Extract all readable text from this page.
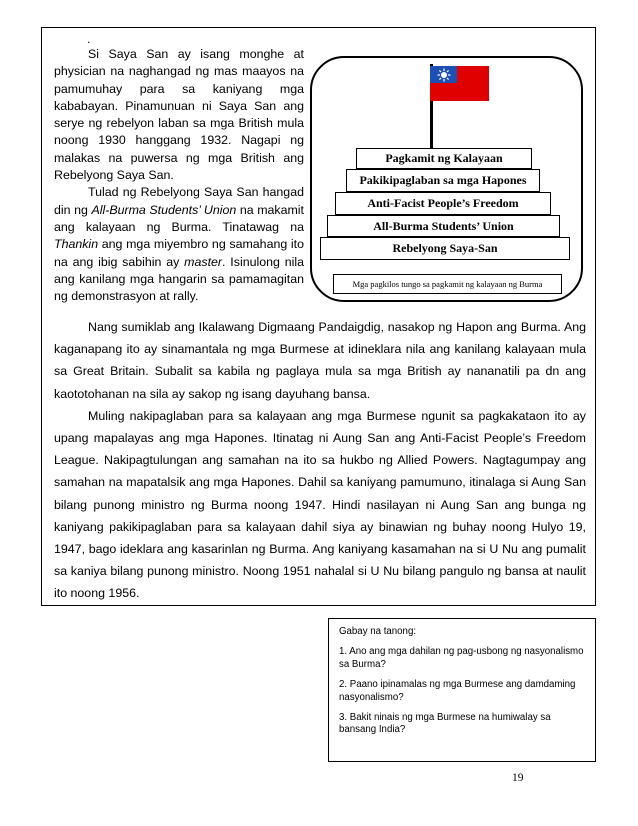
.

Si Saya San ay isang monghe at physician na naghangad ng mas maayos na pamumuhay para sa kaniyang mga kababayan. Pinamunuan ni Saya San ang serye ng rebelyon laban sa mga British mula noong 1930 hanggang 1932. Nagapi ng malakas na puwersa ng mga British ang Rebelyong Saya San.

Tulad ng Rebelyong Saya San hangad din ng All-Burma Students’ Union na makamit ang kalayaan ng Burma. Tinatawag na Thankin ang mga miyembro ng samahang ito na ang ibig sabihin ay master. Isinulong nila ang kanilang mga hangarin sa pamamagitan ng demonstrasyon at rally.

Pagkamit ng Kalayaan
Pakikipaglaban sa mga Hapones
Anti-Facist People’s Freedom
All-Burma Students’ Union
Rebelyong Saya-San
Mga pagkilos tungo sa pagkamit ng kalayaan ng Burma

Nang sumiklab ang Ikalawang Digmaang Pandaigdig, nasakop ng Hapon ang Burma. Ang kaganapang ito ay sinamantala ng mga Burmese at idineklara nila ang kanilang kalayaan mula sa Great Britain. Subalit sa kabila ng paglaya mula sa mga British ay nananatili pa dn ang kaototohanan na sila ay sakop ng isang dayuhang bansa.

Muling nakipaglaban para sa kalayaan ang mga Burmese ngunit sa pagkakataon ito ay upang mapalayas ang mga Hapones. Itinatag ni Aung San ang Anti-Facist People’s Freedom League. Nakipagtulungan ang samahan na ito sa hukbo ng Allied Powers. Nagtagumpay ang samahan na mapatalsik ang mga Hapones. Dahil sa kaniyang pamumuno, itinalaga si Aung San bilang punong ministro ng Burma noong 1947. Hindi nasilayan ni Aung San ang bunga ng kaniyang pakikipaglaban para sa kalayaan dahil siya ay binawian ng buhay noong Hulyo 19, 1947, bago ideklara ang kasarinlan ng Burma. Ang kaniyang kasamahan na si U Nu ang pumalit sa kaniya bilang punong ministro. Noong 1951 nahalal si U Nu bilang pangulo ng bansa at naulit ito noong 1956.

Gabay na tanong:

1. Ano ang mga dahilan ng pag-usbong ng nasyonalismo sa Burma?

2. Paano ipinamalas ng mga Burmese ang damdaming nasyonalismo?

3. Bakit ninais ng mga Burmese na humiwalay sa bansang India?

19
